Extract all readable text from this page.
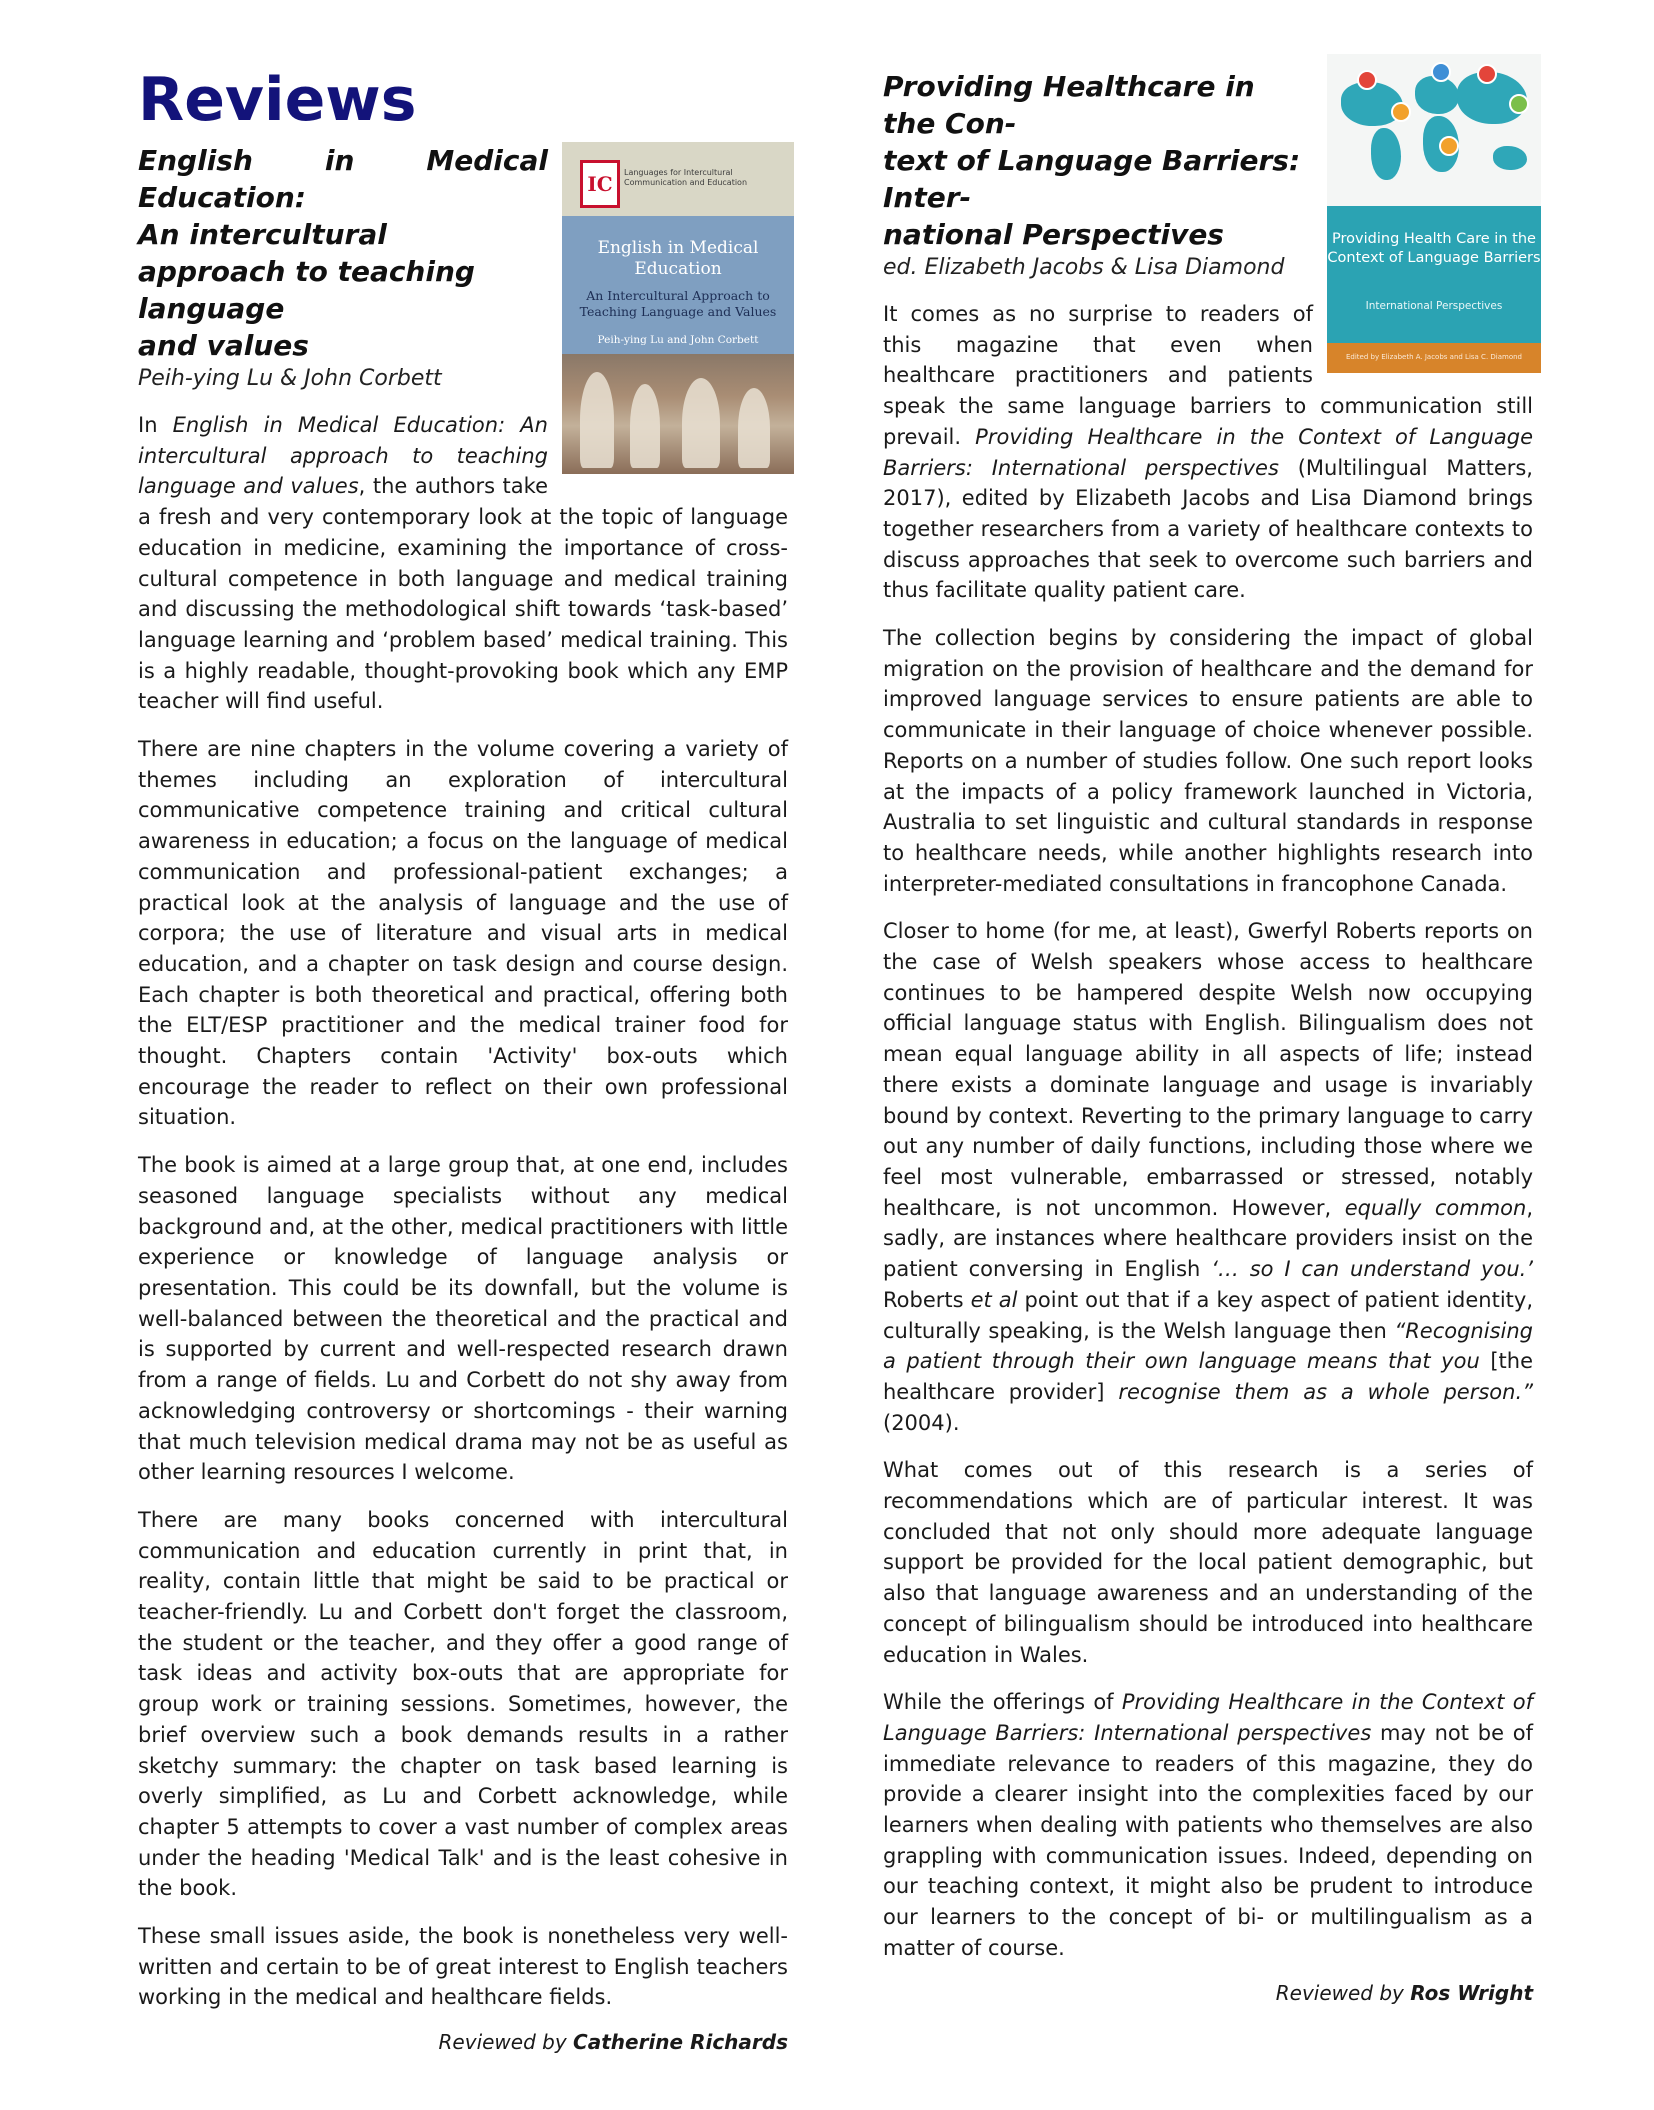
Reviews
IC	Languages for Intercultural Communication and Education
English in Medical Education
An Intercultural Approach to Teaching Language and Values
Peih-ying Lu and John Corbett
English in Medical Education:
An intercultural
approach to teaching language
and values

Peih-ying Lu & John Corbett

In English in Medical Education: An intercultural approach to teaching language and values, the authors take a fresh and very contemporary look at the topic of language education in medicine, examining the importance of cross-cultural competence in both language and medical training and discussing the methodological shift towards ‘task-based’ language learning and ‘problem based’ medical training. This is a highly readable, thought-provoking book which any EMP teacher will find useful.

There are nine chapters in the volume covering a variety of themes including an exploration of intercultural communicative competence training and critical cultural awareness in education; a focus on the language of medical communication and professional-patient exchanges; a practical look at the analysis of language and the use of corpora; the use of literature and visual arts in medical education, and a chapter on task design and course design. Each chapter is both theoretical and practical, offering both the ELT/ESP practitioner and the medical trainer food for thought. Chapters contain 'Activity' box-outs which encourage the reader to reflect on their own professional situation.

The book is aimed at a large group that, at one end, includes seasoned language specialists without any medical background and, at the other, medical practitioners with little experience or knowledge of language analysis or presentation. This could be its downfall, but the volume is well-balanced between the theoretical and the practical and is supported by current and well-respected research drawn from a range of fields. Lu and Corbett do not shy away from acknowledging controversy or shortcomings - their warning that much television medical drama may not be as useful as other learning resources I welcome.

There are many books concerned with intercultural communication and education currently in print that, in reality, contain little that might be said to be practical or teacher-friendly. Lu and Corbett don't forget the classroom, the student or the teacher, and they offer a good range of task ideas and activity box-outs that are appropriate for group work or training sessions. Sometimes, however, the brief overview such a book demands results in a rather sketchy summary: the chapter on task based learning is overly simplified, as Lu and Corbett acknowledge, while chapter 5 attempts to cover a vast number of complex areas under the heading 'Medical Talk' and is the least cohesive in the book.

These small issues aside, the book is nonetheless very well-written and certain to be of great interest to English teachers working in the medical and healthcare fields.

Reviewed by Catherine Richards

Providing Health Care in the Context of Language Barriers
International Perspectives
Edited by Elizabeth A. Jacobs and Lisa C. Diamond
Providing Healthcare in the Con-
text of Language Barriers: Inter-
national Perspectives

ed. Elizabeth Jacobs & Lisa Diamond

It comes as no surprise to readers of this magazine that even when healthcare practitioners and patients speak the same language barriers to communication still prevail. Providing Healthcare in the Context of Language Barriers: International perspectives (Multilingual Matters, 2017), edited by Elizabeth Jacobs and Lisa Diamond brings together researchers from a variety of healthcare contexts to discuss approaches that seek to overcome such barriers and thus facilitate quality patient care.

The collection begins by considering the impact of global migration on the provision of healthcare and the demand for improved language services to ensure patients are able to communicate in their language of choice whenever possible. Reports on a number of studies follow. One such report looks at the impacts of a policy framework launched in Victoria, Australia to set linguistic and cultural standards in response to healthcare needs, while another highlights research into interpreter-mediated consultations in francophone Canada.

Closer to home (for me, at least), Gwerfyl Roberts reports on the case of Welsh speakers whose access to healthcare continues to be hampered despite Welsh now occupying official language status with English. Bilingualism does not mean equal language ability in all aspects of life; instead there exists a dominate language and usage is invariably bound by context. Reverting to the primary language to carry out any number of daily functions, including those where we feel most vulnerable, embarrassed or stressed, notably healthcare, is not uncommon. However, equally common, sadly, are instances where healthcare providers insist on the patient conversing in English ‘… so I can understand you.’ Roberts et al point out that if a key aspect of patient identity, culturally speaking, is the Welsh language then “Recognising a patient through their own language means that you [the healthcare provider] recognise them as a whole person.” (2004).

What comes out of this research is a series of recommendations which are of particular interest. It was concluded that not only should more adequate language support be provided for the local patient demographic, but also that language awareness and an understanding of the concept of bilingualism should be introduced into healthcare education in Wales.

While the offerings of Providing Healthcare in the Context of Language Barriers: International perspectives may not be of immediate relevance to readers of this magazine, they do provide a clearer insight into the complexities faced by our learners when dealing with patients who themselves are also grappling with communication issues. Indeed, depending on our teaching context, it might also be prudent to introduce our learners to the concept of bi- or multilingualism as a matter of course.

Reviewed by Ros Wright
